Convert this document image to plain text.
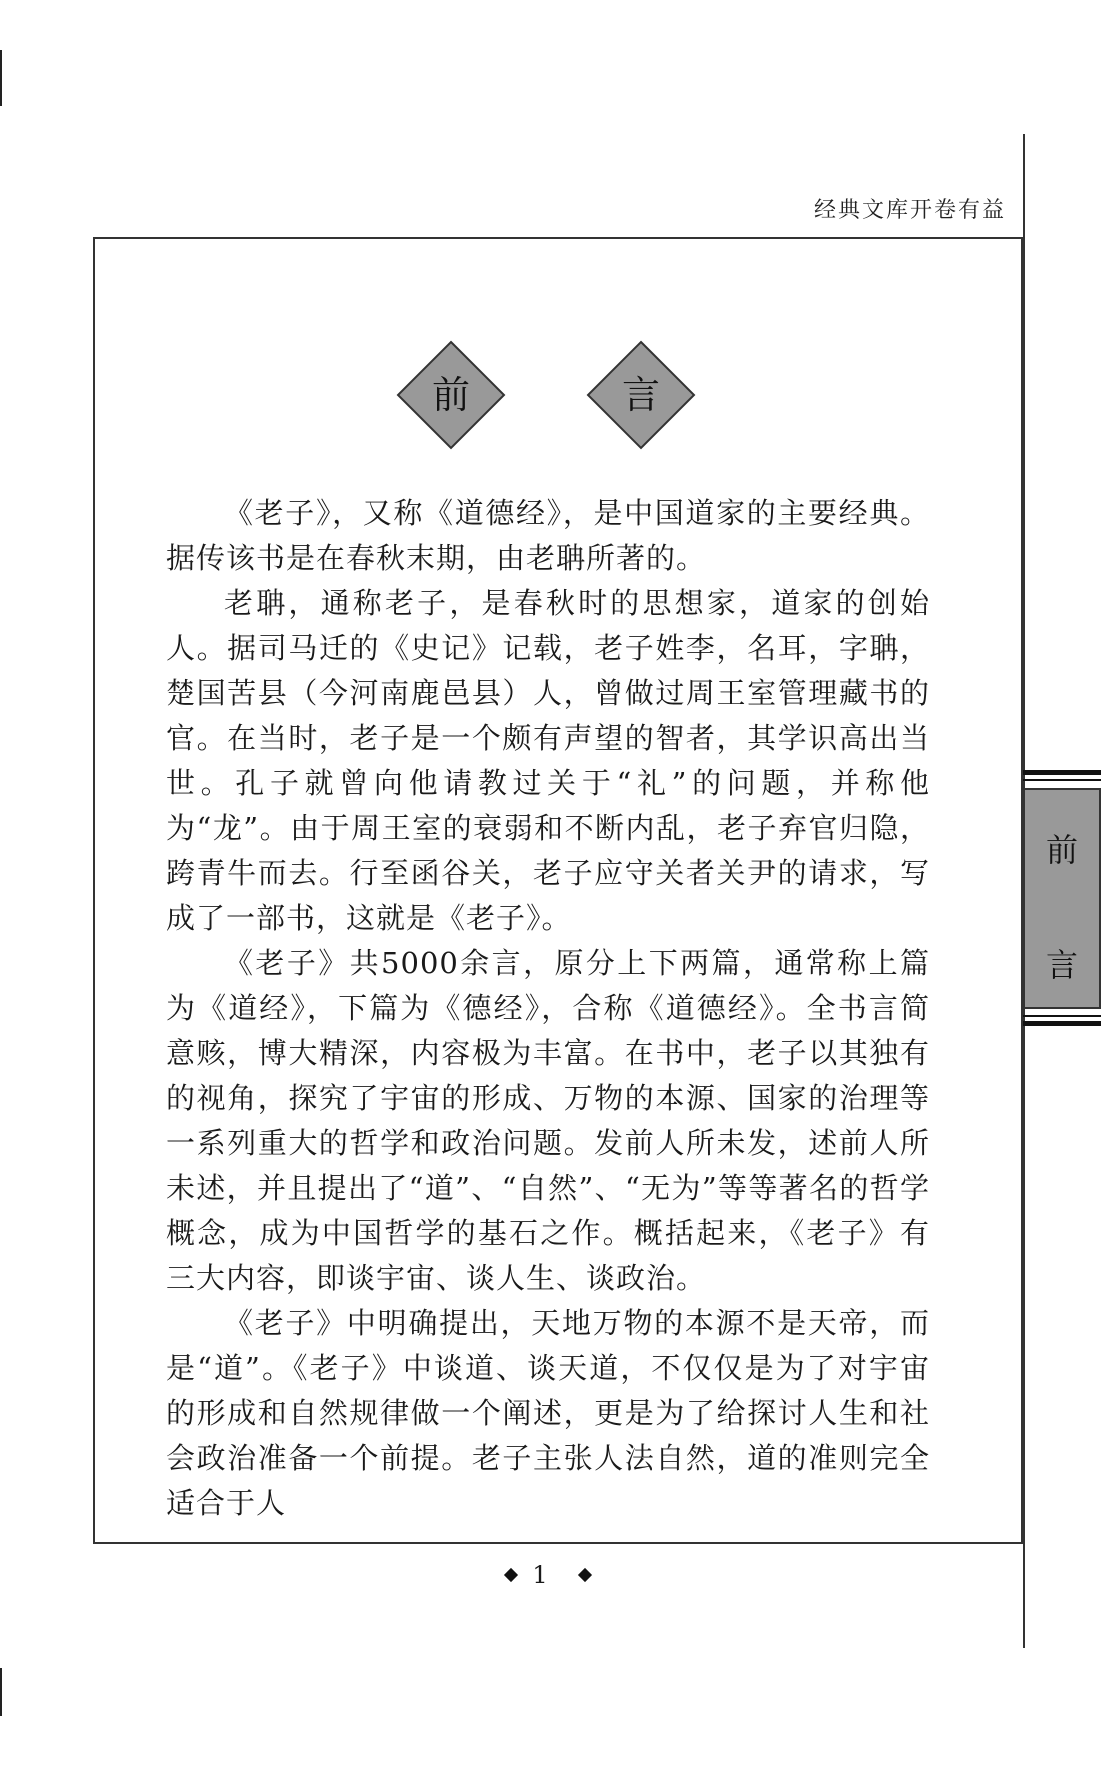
经典文库开卷有益
前	言

《老子》，又称《道德经》，是中国道家的主要经典。据传该书是在春秋末期，由老聃所著的。

老聃，通称老子，是春秋时的思想家，道家的创始人。据司马迁的《史记》记载，老子姓李，名耳，字聃，楚国苦县（今河南鹿邑县）人，曾做过周王室管理藏书的官。在当时，老子是一个颇有声望的智者，其学识高出当世。孔子就曾向他请教过关于“礼”的问题，并称他为“龙”。由于周王室的衰弱和不断内乱，老子弃官归隐，跨青牛而去。行至函谷关，老子应守关者关尹的请求，写成了一部书，这就是《老子》。

《老子》共5000余言，原分上下两篇，通常称上篇为《道经》，下篇为《德经》，合称《道德经》。全书言简意赅，博大精深，内容极为丰富。在书中，老子以其独有的视角，探究了宇宙的形成、万物的本源、国家的治理等一系列重大的哲学和政治问题。发前人所未发，述前人所未述，并且提出了“道”、“自然”、“无为”等等著名的哲学概念，成为中国哲学的基石之作。概括起来，《老子》有三大内容，即谈宇宙、谈人生、谈政治。

《老子》中明确提出，天地万物的本源不是天帝，而是“道”。《老子》中谈道、谈天道，不仅仅是为了对宇宙的形成和自然规律做一个阐述，更是为了给探讨人生和社会政治准备一个前提。老子主张人法自然，道的准则完全适合于人

前
言
1
